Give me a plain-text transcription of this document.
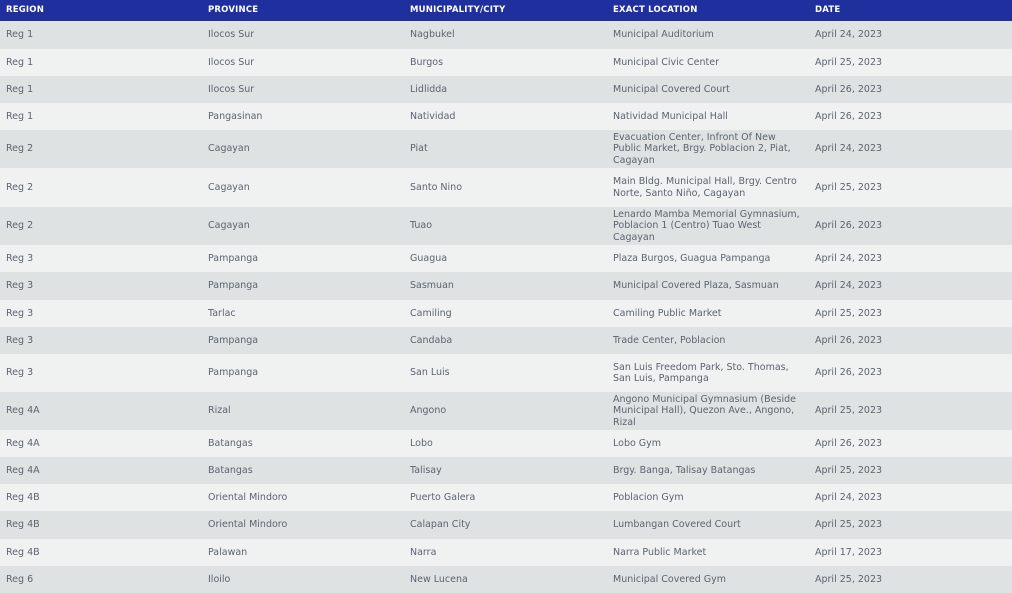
REGION	PROVINCE	MUNICIPALITY/CITY	EXACT LOCATION	DATE
Reg 1	Ilocos Sur	Nagbukel	Municipal Auditorium	April 24, 2023
Reg 1	Ilocos Sur	Burgos	Municipal Civic Center	April 25, 2023
Reg 1	Ilocos Sur	Lidlidda	Municipal Covered Court	April 26, 2023
Reg 1	Pangasinan	Natividad	Natividad Municipal Hall	April 26, 2023
Reg 2	Cagayan	Piat	Evacuation Center, Infront Of New Public Market, Brgy. Poblacion 2, Piat, Cagayan	April 24, 2023
Reg 2	Cagayan	Santo Nino	Main Bldg. Municipal Hall, Brgy. Centro Norte, Santo Niño, Cagayan	April 25, 2023
Reg 2	Cagayan	Tuao	Lenardo Mamba Memorial Gymnasium, Poblacion 1 (Centro) Tuao West Cagayan	April 26, 2023
Reg 3	Pampanga	Guagua	Plaza Burgos, Guagua Pampanga	April 24, 2023
Reg 3	Pampanga	Sasmuan	Municipal Covered Plaza, Sasmuan	April 24, 2023
Reg 3	Tarlac	Camiling	Camiling Public Market	April 25, 2023
Reg 3	Pampanga	Candaba	Trade Center, Poblacion	April 26, 2023
Reg 3	Pampanga	San Luis	San Luis Freedom Park, Sto. Thomas, San Luis, Pampanga	April 26, 2023
Reg 4A	Rizal	Angono	Angono Municipal Gymnasium (Beside Municipal Hall), Quezon Ave., Angono, Rizal	April 25, 2023
Reg 4A	Batangas	Lobo	Lobo Gym	April 26, 2023
Reg 4A	Batangas	Talisay	Brgy. Banga, Talisay Batangas	April 25, 2023
Reg 4B	Oriental Mindoro	Puerto Galera	Poblacion Gym	April 24, 2023
Reg 4B	Oriental Mindoro	Calapan City	Lumbangan Covered Court	April 25, 2023
Reg 4B	Palawan	Narra	Narra Public Market	April 17, 2023
Reg 6	Iloilo	New Lucena	Municipal Covered Gym	April 25, 2023
